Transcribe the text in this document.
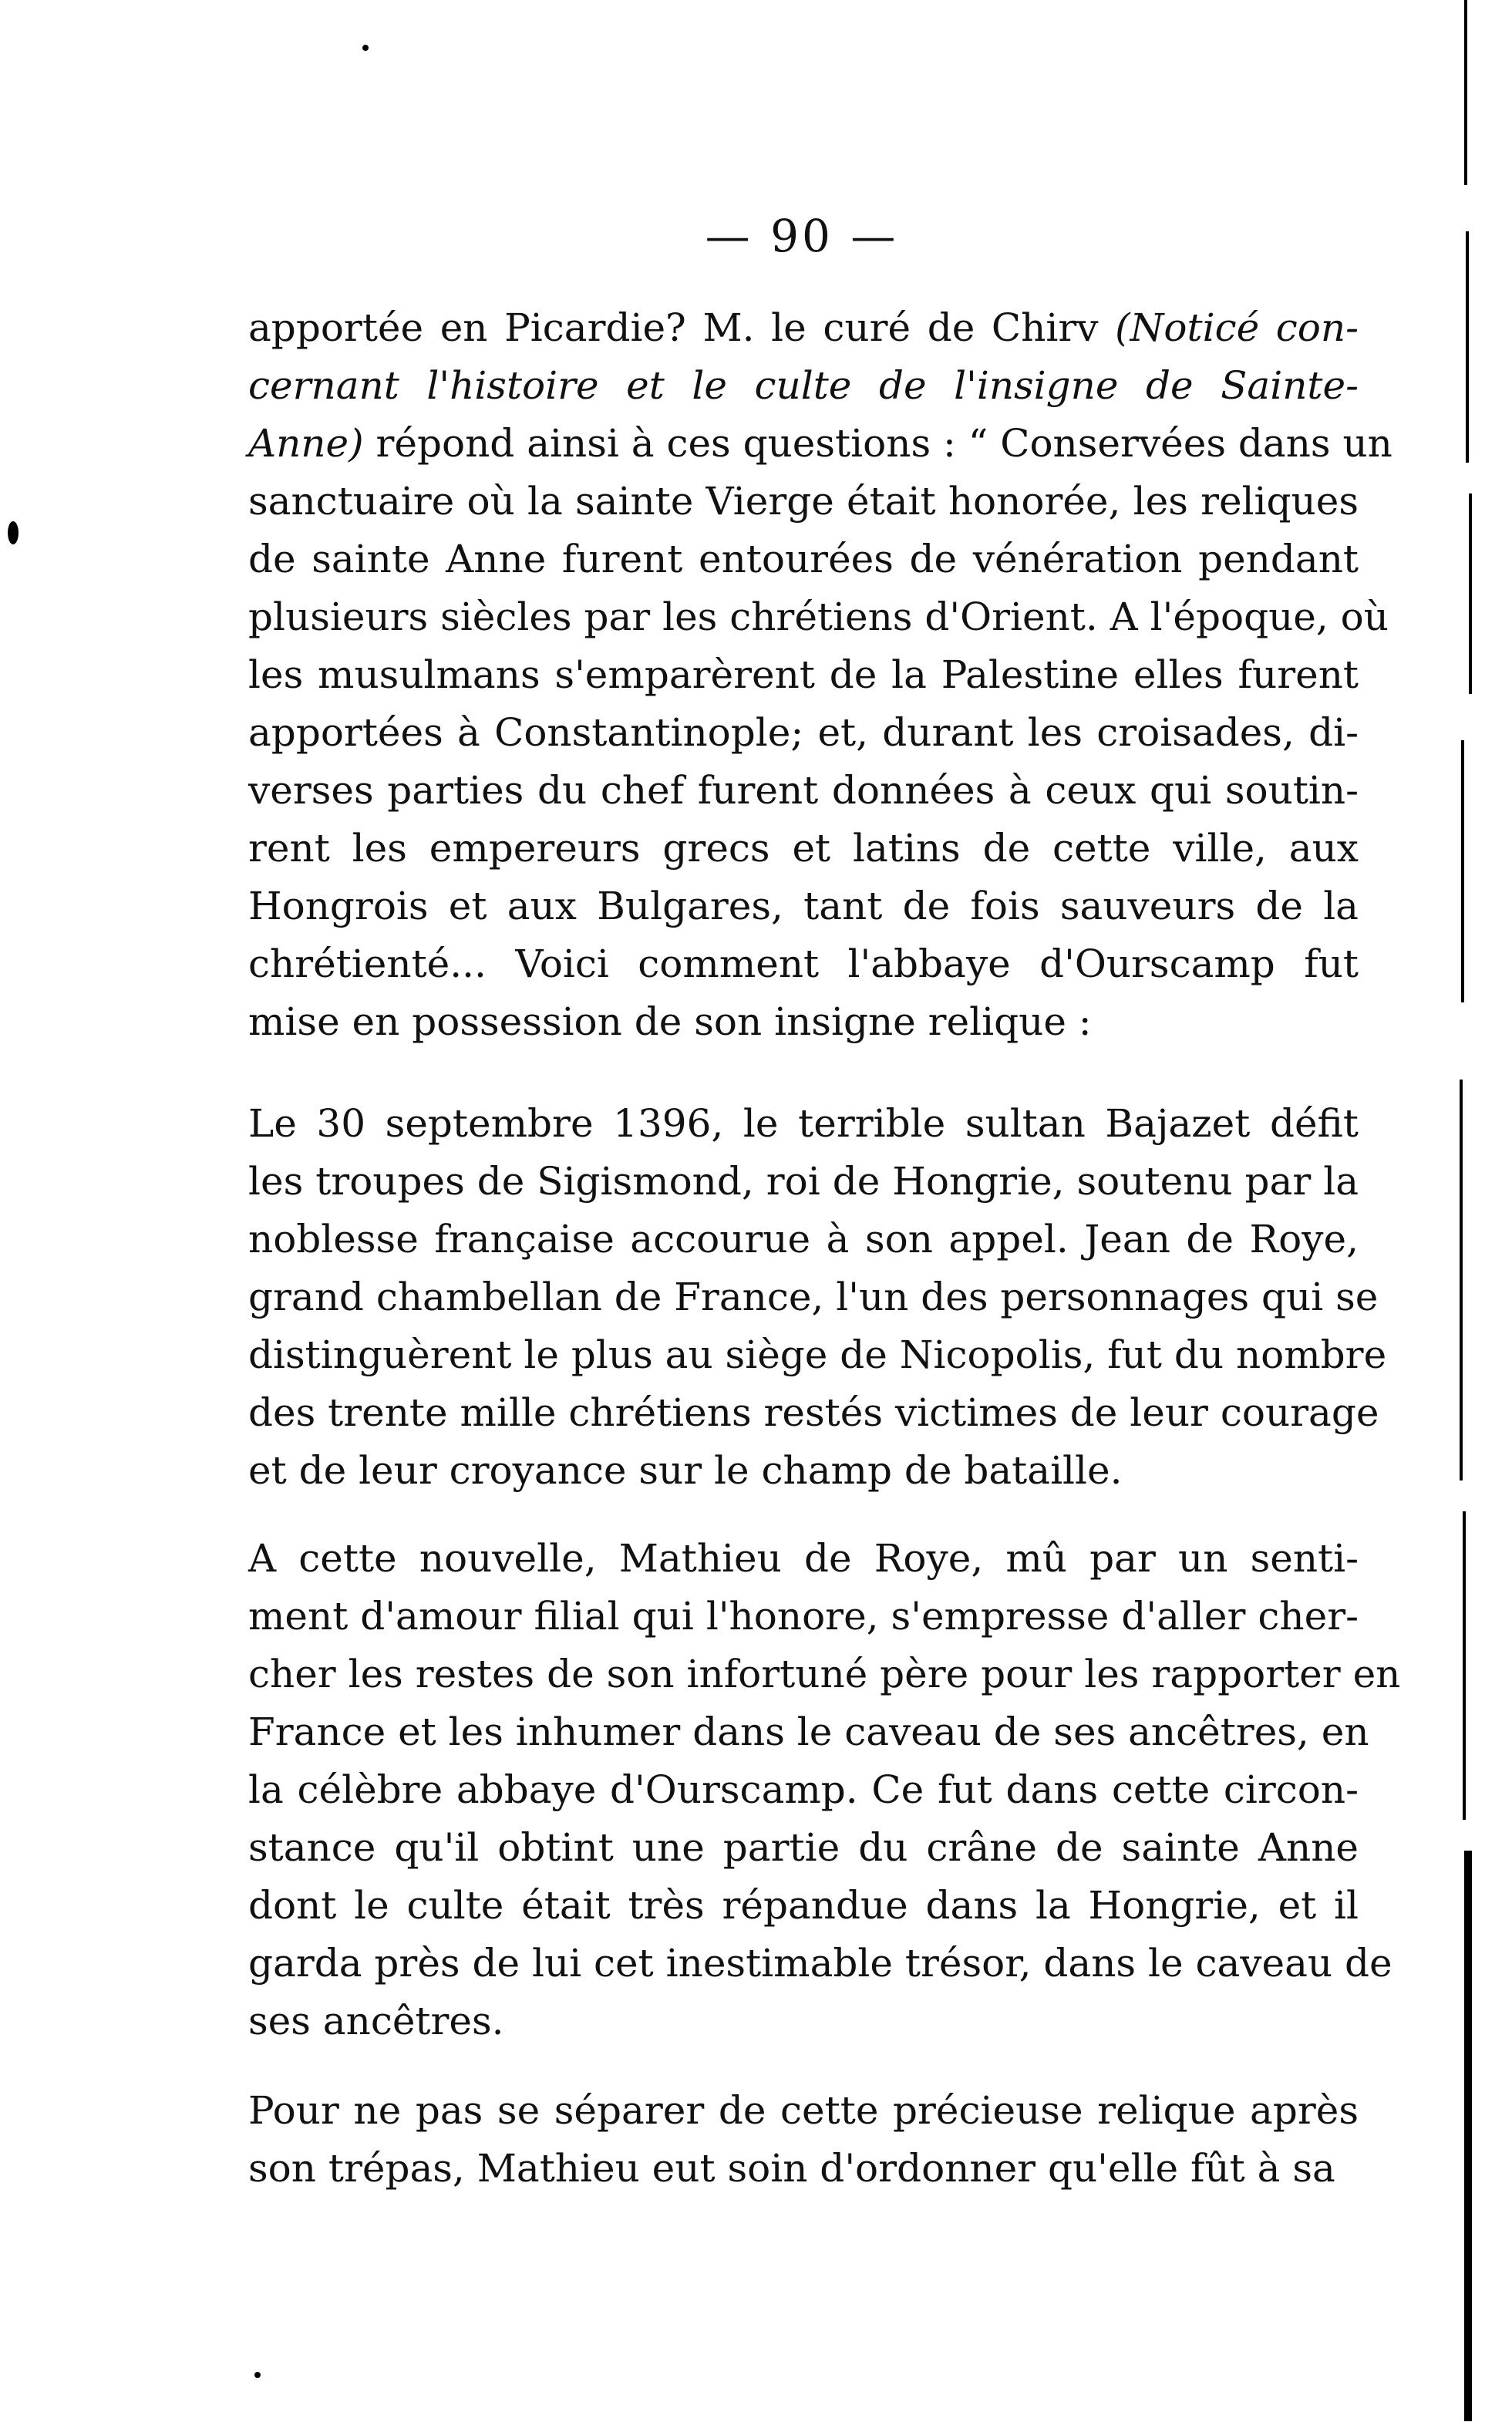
— 90 —
apportée en Picardie? M. le curé de Chirv (Noticé con-
cernant l'histoire et le culte de l'insigne de Sainte-
Anne) répond ainsi à ces questions : “ Conservées dans un
sanctuaire où la sainte Vierge était honorée, les reliques
de sainte Anne furent entourées de vénération pendant
plusieurs siècles par les chrétiens d'Orient. A l'époque, où
les musulmans s'emparèrent de la Palestine elles furent
apportées à Constantinople; et, durant les croisades, di-
verses parties du chef furent données à ceux qui soutin-
rent les empereurs grecs et latins de cette ville, aux
Hongrois et aux Bulgares, tant de fois sauveurs de la
chrétienté... Voici comment l'abbaye d'Ourscamp fut
mise en possession de son insigne relique :
Le 30 septembre 1396, le terrible sultan Bajazet défit
les troupes de Sigismond, roi de Hongrie, soutenu par la
noblesse française accourue à son appel. Jean de Roye,
grand chambellan de France, l'un des personnages qui se
distinguèrent le plus au siège de Nicopolis, fut du nombre
des trente mille chrétiens restés victimes de leur courage
et de leur croyance sur le champ de bataille.
A cette nouvelle, Mathieu de Roye, mû par un senti-
ment d'amour filial qui l'honore, s'empresse d'aller cher-
cher les restes de son infortuné père pour les rapporter en
France et les inhumer dans le caveau de ses ancêtres, en
la célèbre abbaye d'Ourscamp. Ce fut dans cette circon-
stance qu'il obtint une partie du crâne de sainte Anne
dont le culte était très répandue dans la Hongrie, et il
garda près de lui cet inestimable trésor, dans le caveau de
ses ancêtres.
Pour ne pas se séparer de cette précieuse relique après
son trépas, Mathieu eut soin d'ordonner qu'elle fût à sa
